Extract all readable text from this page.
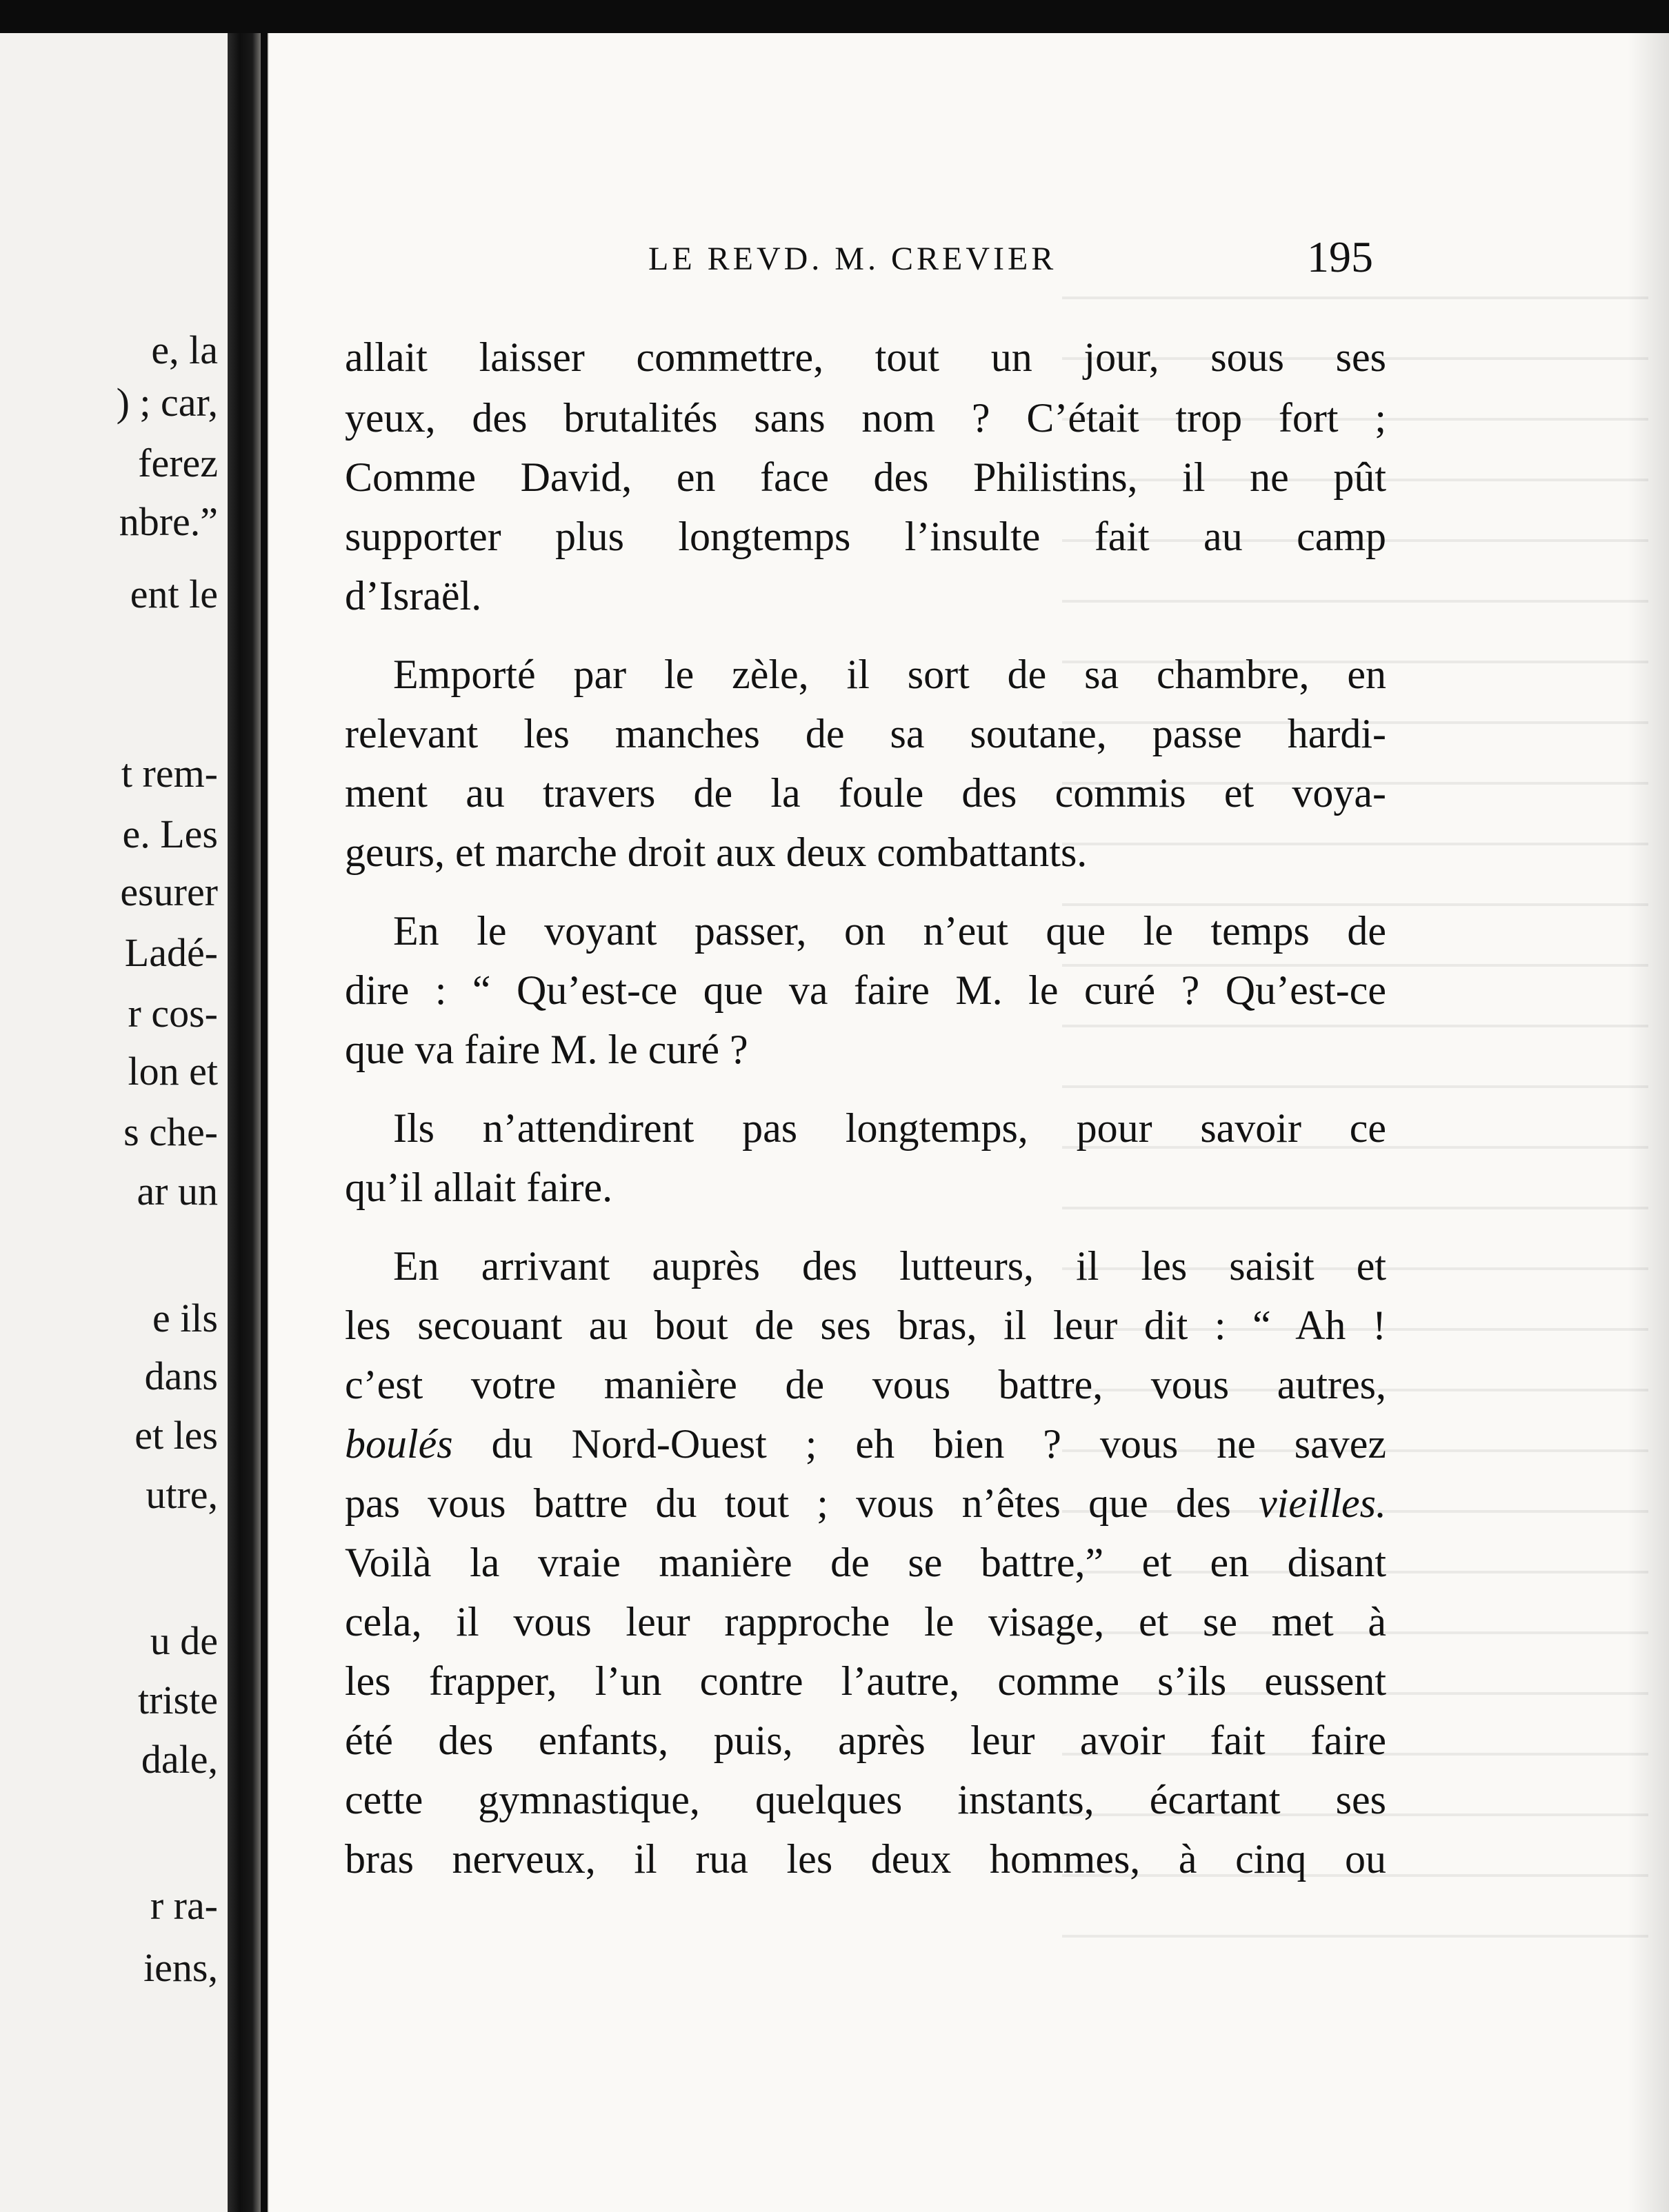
e, la
) ; car,
ferez
nbre.”
ent le
t rem-
e. Les
esurer
Ladé-
r cos-
lon et
s che-
ar un
e ils
dans
et les
utre,
u de
triste
dale,
r ra-
iens,
LE REVD. M. CREVIER	195
allait laisser commettre, tout un jour, sous ses
yeux, des brutalités sans nom ? C’était trop fort ;
Comme David, en face des Philistins, il ne pût
supporter plus longtemps l’insulte fait au camp
d’Israël.
Emporté par le zèle, il sort de sa chambre, en
relevant les manches de sa soutane, passe hardi-
ment au travers de la foule des commis et voya-
geurs, et marche droit aux deux combattants.
En le voyant passer, on n’eut que le temps de
dire : “ Qu’est-ce que va faire M. le curé ? Qu’est-ce
que va faire M. le curé ?
Ils n’attendirent pas longtemps, pour savoir ce
qu’il allait faire.
En arrivant auprès des lutteurs, il les saisit et
les secouant au bout de ses bras, il leur dit : “ Ah !
c’est votre manière de vous battre, vous autres,
boulés du Nord-Ouest ; eh bien ? vous ne savez
pas vous battre du tout ; vous n’êtes que des vieilles.
Voilà la vraie manière de se battre,” et en disant
cela, il vous leur rapproche le visage, et se met à
les frapper, l’un contre l’autre, comme s’ils eussent
été des enfants, puis, après leur avoir fait faire
cette gymnastique, quelques instants, écartant ses
bras nerveux, il rua les deux hommes, à cinq ou
